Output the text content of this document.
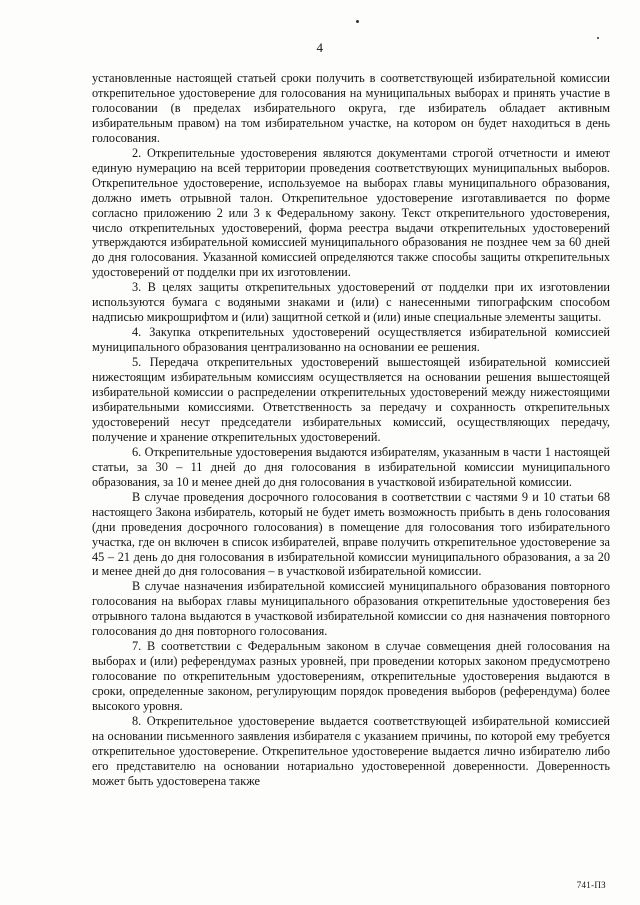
4

установленные настоящей статьей сроки получить в соответствующей избирательной комиссии открепительное удостоверение для голосования на муниципальных выборах и принять участие в голосовании (в пределах избирательного округа, где избиратель обладает активным избирательным правом) на том избирательном участке, на котором он будет находиться в день голосования.

2. Открепительные удостоверения являются документами строгой отчетности и имеют единую нумерацию на всей территории проведения соответствующих муниципальных выборов. Открепительное удостоверение, используемое на выборах главы муниципального образования, должно иметь отрывной талон. Открепительное удостоверение изготавливается по форме согласно приложению 2 или 3 к Федеральному закону. Текст открепительного удостоверения, число открепительных удостоверений, форма реестра выдачи открепительных удостоверений утверждаются избирательной комиссией муниципального образования не позднее чем за 60 дней до дня голосования. Указанной комиссией определяются также способы защиты открепительных удостоверений от подделки при их изготовлении.

3. В целях защиты открепительных удостоверений от подделки при их изготовлении используются бумага с водяными знаками и (или) с нанесенными типографским способом надписью микрошрифтом и (или) защитной сеткой и (или) иные специальные элементы защиты.

4. Закупка открепительных удостоверений осуществляется избирательной комиссией муниципального образования централизованно на основании ее решения.

5. Передача открепительных удостоверений вышестоящей избирательной комиссией нижестоящим избирательным комиссиям осуществляется на основании решения вышестоящей избирательной комиссии о распределении открепительных удостоверений между нижестоящими избирательными комиссиями. Ответственность за передачу и сохранность открепительных удостоверений несут председатели избирательных комиссий, осуществляющих передачу, получение и хранение открепительных удостоверений.

6. Открепительные удостоверения выдаются избирателям, указанным в части 1 настоящей статьи, за 30 – 11 дней до дня голосования в избирательной комиссии муниципального образования, за 10 и менее дней до дня голосования в участковой избирательной комиссии.

В случае проведения досрочного голосования в соответствии с частями 9 и 10 статьи 68 настоящего Закона избиратель, который не будет иметь возможность прибыть в день голосования (дни проведения досрочного голосования) в помещение для голосования того избирательного участка, где он включен в список избирателей, вправе получить открепительное удостоверение за 45 – 21 день до дня голосования в избирательной комиссии муниципального образования, а за 20 и менее дней до дня голосования – в участковой избирательной комиссии.

В случае назначения избирательной комиссией муниципального образования повторного голосования на выборах главы муниципального образования открепительные удостоверения без отрывного талона выдаются в участковой избирательной комиссии со дня назначения повторного голосования до дня повторного голосования.

7. В соответствии с Федеральным законом в случае совмещения дней голосования на выборах и (или) референдумах разных уровней, при проведении которых законом предусмотрено голосование по открепительным удостоверениям, открепительные удостоверения выдаются в сроки, определенные законом, регулирующим порядок проведения выборов (референдума) более высокого уровня.

8. Открепительное удостоверение выдается соответствующей избирательной комиссией на основании письменного заявления избирателя с указанием причины, по которой ему требуется открепительное удостоверение. Открепительное удостоверение выдается лично избирателю либо его представителю на основании нотариально удостоверенной доверенности. Доверенность может быть удостоверена также

741-ПЗ
